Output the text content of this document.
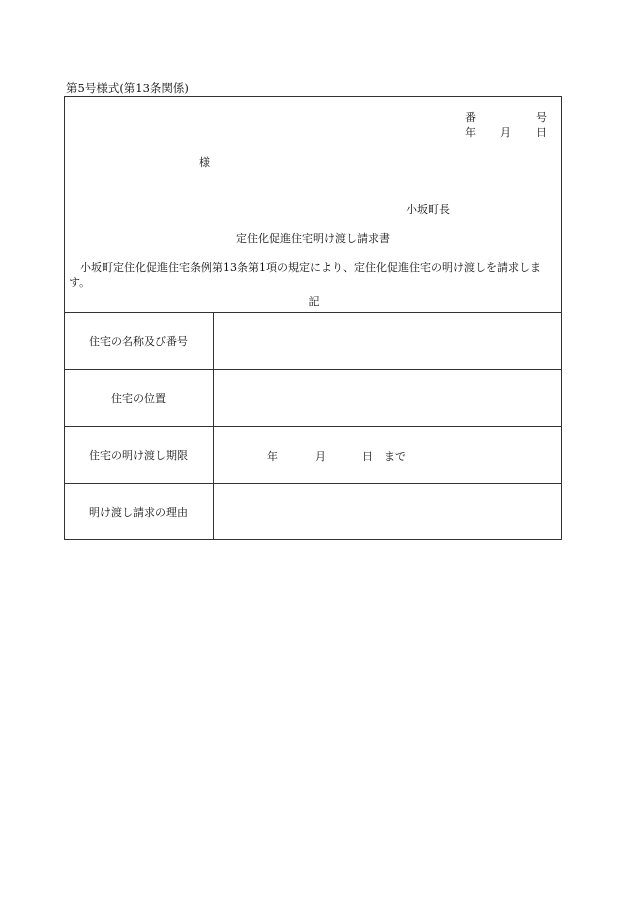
第5号様式(第13条関係)
番	号
年 月 日
様
小坂町長
定住化促進住宅明け渡し請求書
小坂町定住化促進住宅条例第13条第1項の規定により、定住化促進住宅の明け渡しを請求します。
記
住宅の名称及び番号
住宅の位置
住宅の明け渡し期限	年	月	日 まで
明け渡し請求の理由
